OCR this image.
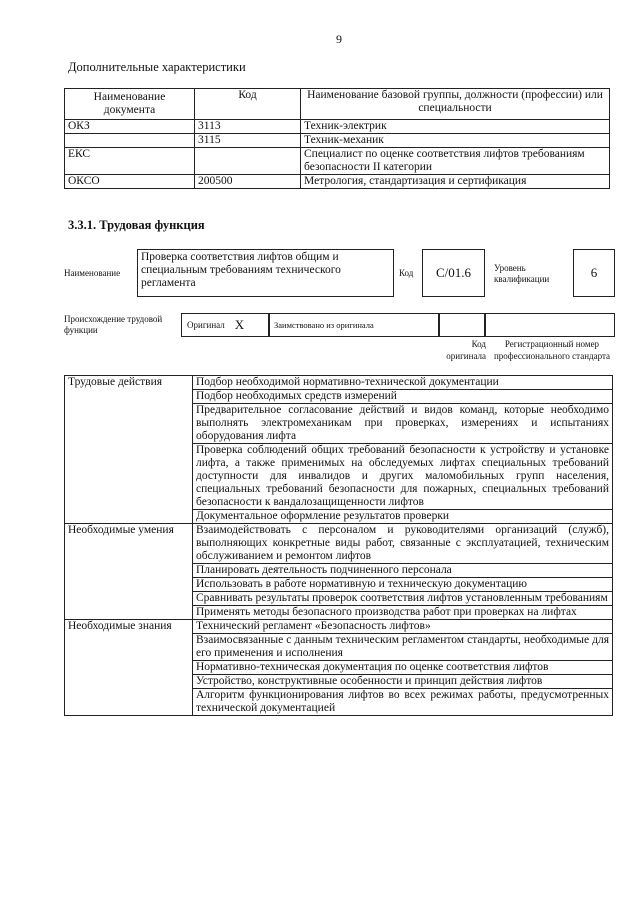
9
Дополнительные характеристики
Наименование документа	Код	Наименование базовой группы, должности (профессии) или специальности
ОКЗ	3113	Техник-электрик
	3115	Техник-механик
ЕКС		Специалист по оценке соответствия лифтов требованиям безопасности II категории
ОКСО	200500	Метрология, стандартизация и сертификация
3.3.1. Трудовая функция
Наименование
Проверка соответствия лифтов общим и специальным требованиям технического регламента
Код C/01.6	Уровень квалификации	6
Происхождение трудовой функции
Оригинал X	Заимствовано из оригинала
Код оригинала
Регистрационный номер профессионального стандарта
Трудовые действия	Подбор необходимой нормативно-технической документации
	Подбор необходимых средств измерений
	Предварительное согласование действий и видов команд, которые необходимо выполнять электромеханикам при проверках, измерениях и испытаниях оборудования лифта
	Проверка соблюдений общих требований безопасности к устройству и установке лифта, а также применимых на обследуемых лифтах специальных требований доступности для инвалидов и других маломобильных групп населения, специальных требований безопасности для пожарных, специальных требований безопасности к вандалозащищенности лифтов
	Документальное оформление результатов проверки
Необходимые умения	Взаимодействовать с персоналом и руководителями организаций (служб), выполняющих конкретные виды работ, связанные с эксплуатацией, техническим обслуживанием и ремонтом лифтов
	Планировать деятельность подчиненного персонала
	Использовать в работе нормативную и техническую документацию
	Сравнивать результаты проверок соответствия лифтов установленным требованиям
	Применять методы безопасного производства работ при проверках на лифтах
Необходимые знания	Технический регламент «Безопасность лифтов»
	Взаимосвязанные с данным техническим регламентом стандарты, необходимые для его применения и исполнения
	Нормативно-техническая документация по оценке соответствия лифтов
	Устройство, конструктивные особенности и принцип действия лифтов
	Алгоритм функционирования лифтов во всех режимах работы, предусмотренных технической документацией
